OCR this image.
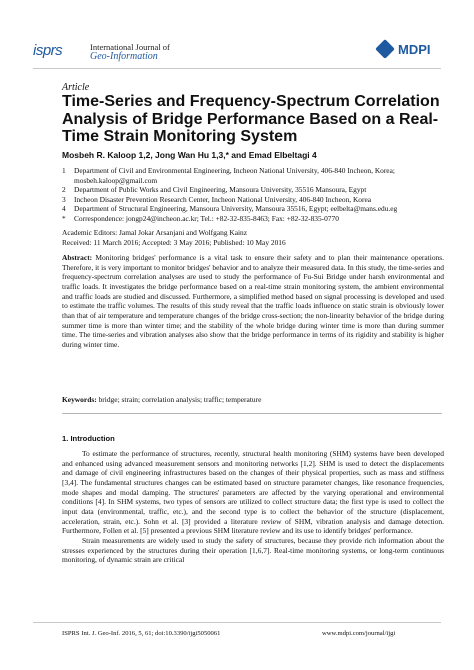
isprs	International Journal of
Geo-Information	MDPI
Article
Time-Series and Frequency-Spectrum Correlation Analysis of Bridge Performance Based on a Real-Time Strain Monitoring System
Mosbeh R. Kaloop 1,2, Jong Wan Hu 1,3,* and Emad Elbeltagi 4
1	Department of Civil and Environmental Engineering, Incheon National University, 406-840 Incheon, Korea; mosbeh.kaloop@gmail.com
2	Department of Public Works and Civil Engineering, Mansoura University, 35516 Mansoura, Egypt
3	Incheon Disaster Prevention Research Center, Incheon National University, 406-840 Incheon, Korea
4	Department of Structural Engineering, Mansoura University, Mansoura 35516, Egypt; eelbelta@mans.edu.eg
*	Correspondence: jongp24@incheon.ac.kr; Tel.: +82-32-835-8463; Fax: +82-32-835-0770
Academic Editors: Jamal Jokar Arsanjani and Wolfgang Kainz
Received: 11 March 2016; Accepted: 3 May 2016; Published: 10 May 2016
Abstract: Monitoring bridges' performance is a vital task to ensure their safety and to plan their maintenance operations. Therefore, it is very important to monitor bridges' behavior and to analyze their measured data. In this study, the time-series and frequency-spectrum correlation analyses are used to study the performance of Fu-Sui Bridge under harsh environmental and traffic loads. It investigates the bridge performance based on a real-time strain monitoring system, the ambient environmental and traffic loads are studied and discussed. Furthermore, a simplified method based on signal processing is developed and used to estimate the traffic volumes. The results of this study reveal that the traffic loads influence on static strain is obviously lower than that of air temperature and temperature changes of the bridge cross-section; the non-linearity behavior of the bridge during summer time is more than winter time; and the stability of the whole bridge during winter time is more than during summer time. The time-series and vibration analyses also show that the bridge performance in terms of its rigidity and stability is higher during winter time.
Keywords: bridge; strain; correlation analysis; traffic; temperature
1. Introduction

To estimate the performance of structures, recently, structural health monitoring (SHM) systems have been developed and enhanced using advanced measurement sensors and monitoring networks [1,2]. SHM is used to detect the displacements and damage of civil engineering infrastructures based on the changes of their physical properties, such as mass and stiffness [3,4]. The fundamental structures changes can be estimated based on structure parameter changes, like resonance frequencies, mode shapes and modal damping. The structures' parameters are affected by the varying operational and environmental conditions [4]. In SHM systems, two types of sensors are utilized to collect structure data; the first type is used to collect the input data (environmental, traffic, etc.), and the second type is to collect the behavior of the structure (displacement, acceleration, strain, etc.). Sohn et al. [3] provided a literature review of SHM, vibration analysis and damage detection. Furthermore, Follen et al. [5] presented a previous SHM literature review and its use to identify bridges' performance.

Strain measurements are widely used to study the safety of structures, because they provide rich information about the stresses experienced by the structures during their operation [1,6,7]. Real-time monitoring systems, or long-term continuous monitoring, of dynamic strain are critical

ISPRS Int. J. Geo-Inf. 2016, 5, 61; doi:10.3390/ijgi5050061	www.mdpi.com/journal/ijgi
